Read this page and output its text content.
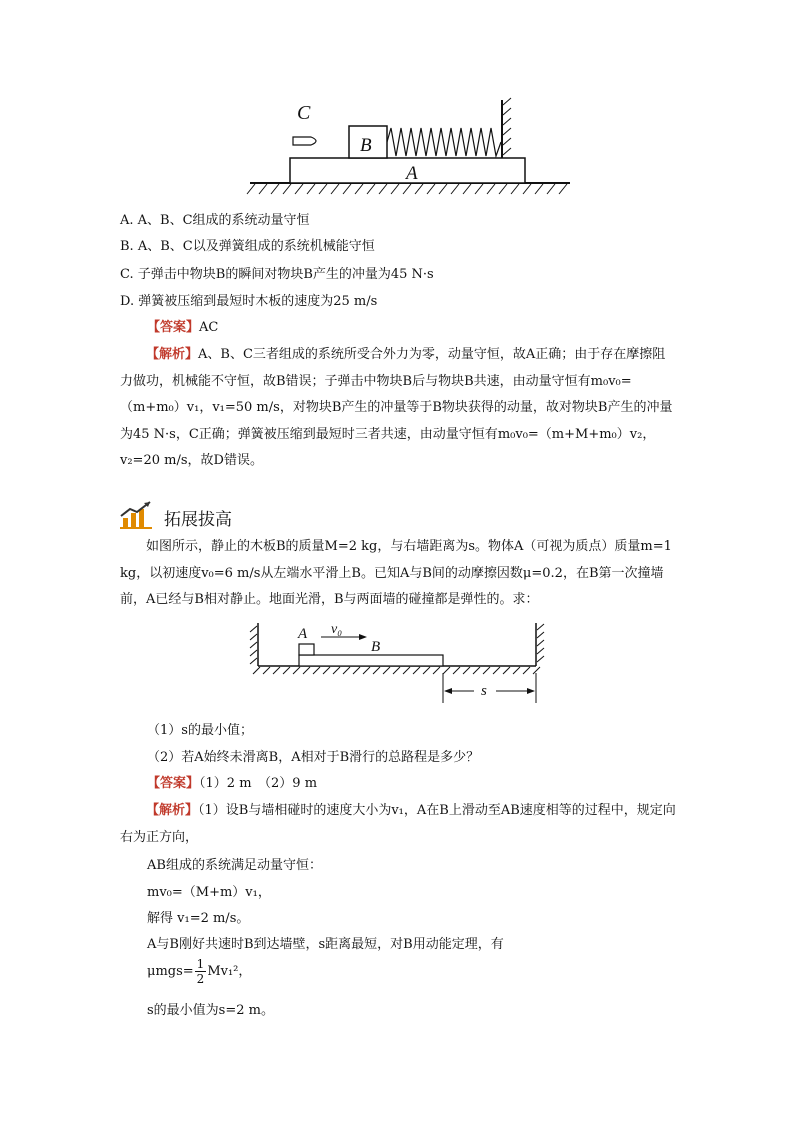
C
B
A
A. A、B、C组成的系统动量守恒
B. A、B、C以及弹簧组成的系统机械能守恒
C. 子弹击中物块B的瞬间对物块B产生的冲量为45 N·s
D. 弹簧被压缩到最短时木板的速度为25 m/s
【答案】AC
【解析】A、B、C三者组成的系统所受合外力为零，动量守恒，故A正确；由于存在摩擦阻力做功，机械能不守恒，故B错误；子弹击中物块B后与物块B共速，由动量守恒有m₀v₀=（m+m₀）v₁，v₁=50 m/s，对物块B产生的冲量等于B物块获得的动量，故对物块B产生的冲量为45 N·s，C正确；弹簧被压缩到最短时三者共速，由动量守恒有m₀v₀=（m+M+m₀）v₂，v₂=20 m/s，故D错误。
拓展拔高
如图所示，静止的木板B的质量M=2 kg，与右墙距离为s。物体A（可视为质点）质量m=1 kg，以初速度v₀=6 m/s从左端水平滑上B。已知A与B间的动摩擦因数μ=0.2，在B第一次撞墙前，A已经与B相对静止。地面光滑，B与两面墙的碰撞都是弹性的。求：
A v₀
B
s
（1）s的最小值；
（2）若A始终未滑离B，A相对于B滑行的总路程是多少？
【答案】（1）2 m　（2）9 m
【解析】（1）设B与墙相碰时的速度大小为v₁，A在B上滑动至AB速度相等的过程中，规定向右为正方向，
AB组成的系统满足动量守恒：
mv₀=（M+m）v₁，
解得 v₁=2 m/s。
A与B刚好共速时B到达墙壁，s距离最短，对B用动能定理，有
$\mu mgs= \frac{1}{2} Mv_1^2$，
s的最小值为s=2 m。
